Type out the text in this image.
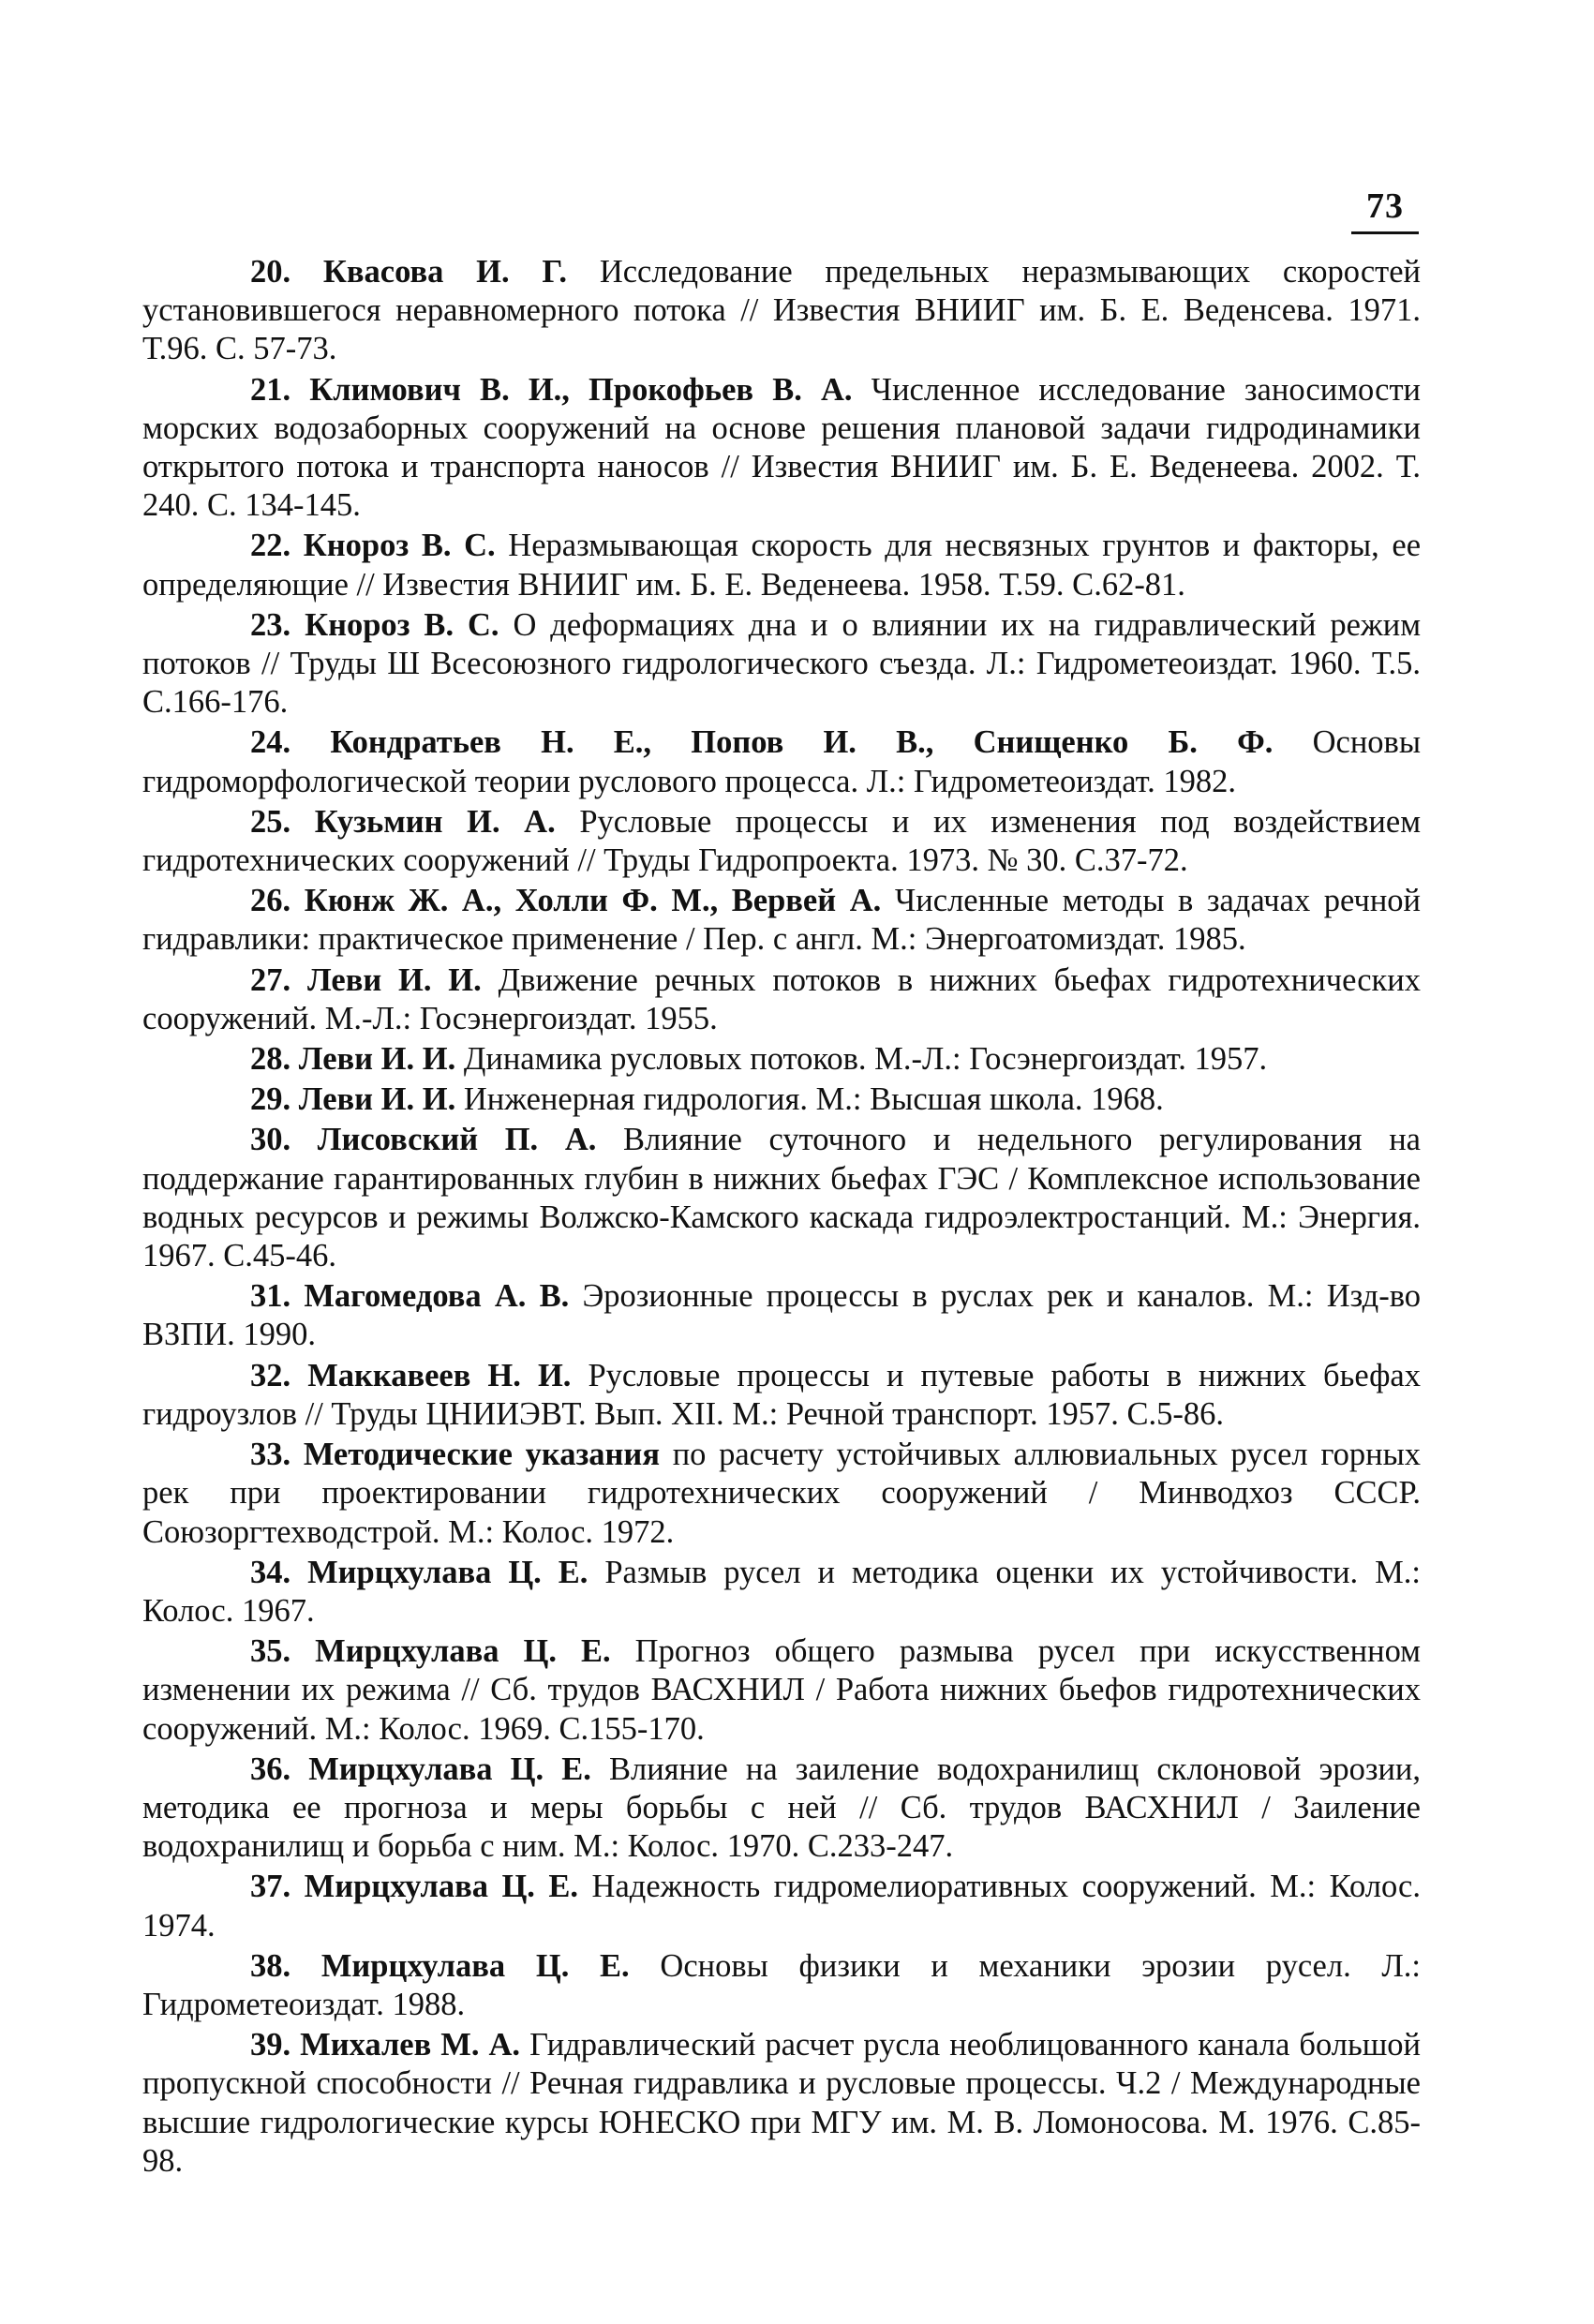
73
20. Квасова И. Г. Исследование предельных неразмывающих скоростей установившегося неравномерного потока // Известия ВНИИГ им. Б. Е. Веденсева. 1971. Т.96. С. 57-73.
21. Климович В. И., Прокофьев В. А. Численное исследование заносимости морских водозаборных сооружений на основе решения плановой задачи гидродинамики открытого потока и транспорта наносов // Известия ВНИИГ им. Б. Е. Веденеева. 2002. Т. 240. С. 134-145.
22. Кнороз В. С. Неразмывающая скорость для несвязных грунтов и факторы, ее определяющие // Известия ВНИИГ им. Б. Е. Веденеева. 1958. Т.59. С.62-81.
23. Кнороз В. С. О деформациях дна и о влиянии их на гидравлический режим потоков // Труды Ш Всесоюзного гидрологического съезда. Л.: Гидрометеоиздат. 1960. Т.5. С.166-176.
24. Кондратьев Н. Е., Попов И. В., Снищенко Б. Ф. Основы гидроморфологической теории руслового процесса. Л.: Гидрометеоиздат. 1982.
25. Кузьмин И. А. Русловые процессы и их изменения под воздействием гидротехнических сооружений // Труды Гидропроекта. 1973. № 30. С.37-72.
26. Кюнж Ж. А., Холли Ф. М., Вервей А. Численные методы в задачах речной гидравлики: практическое применение / Пер. с англ. М.: Энергоатомиздат. 1985.
27. Леви И. И. Движение речных потоков в нижних бьефах гидротехнических сооружений. М.-Л.: Госэнергоиздат. 1955.
28. Леви И. И. Динамика русловых потоков. М.-Л.: Госэнергоиздат. 1957.
29. Леви И. И. Инженерная гидрология. М.: Высшая школа. 1968.
30. Лисовский П. А. Влияние суточного и недельного регулирования на поддержание гарантированных глубин в нижних бьефах ГЭС / Комплексное использование водных ресурсов и режимы Волжско-Камского каскада гидроэлектростанций. М.: Энергия. 1967. С.45-46.
31. Магомедова А. В. Эрозионные процессы в руслах рек и каналов. М.: Изд-во ВЗПИ. 1990.
32. Маккавеев Н. И. Русловые процессы и путевые работы в нижних бьефах гидроузлов // Труды ЦНИИЭВТ. Вып. XII. М.: Речной транспорт. 1957. С.5-86.
33. Методические указания по расчету устойчивых аллювиальных русел горных рек при проектировании гидротехнических сооружений / Минводхоз СССР. Союзоргтехводстрой. М.: Колос. 1972.
34. Мирцхулава Ц. Е. Размыв русел и методика оценки их устойчивости. М.: Колос. 1967.
35. Мирцхулава Ц. Е. Прогноз общего размыва русел при искусственном изменении их режима // Сб. трудов ВАСХНИЛ / Работа нижних бьефов гидротехнических сооружений. М.: Колос. 1969. С.155-170.
36. Мирцхулава Ц. Е. Влияние на заиление водохранилищ склоновой эрозии, методика ее прогноза и меры борьбы с ней // Сб. трудов ВАСХНИЛ / Заиление водохранилищ и борьба с ним. М.: Колос. 1970. С.233-247.
37. Мирцхулава Ц. Е. Надежность гидромелиоративных сооружений. М.: Колос. 1974.
38. Мирцхулава Ц. Е. Основы физики и механики эрозии русел. Л.: Гидрометеоиздат. 1988.
39. Михалев М. А. Гидравлический расчет русла необлицованного канала большой пропускной способности // Речная гидравлика и русловые процессы. Ч.2 / Международные высшие гидрологические курсы ЮНЕСКО при МГУ им. М. В. Ломоносова. М. 1976. С.85-98.
